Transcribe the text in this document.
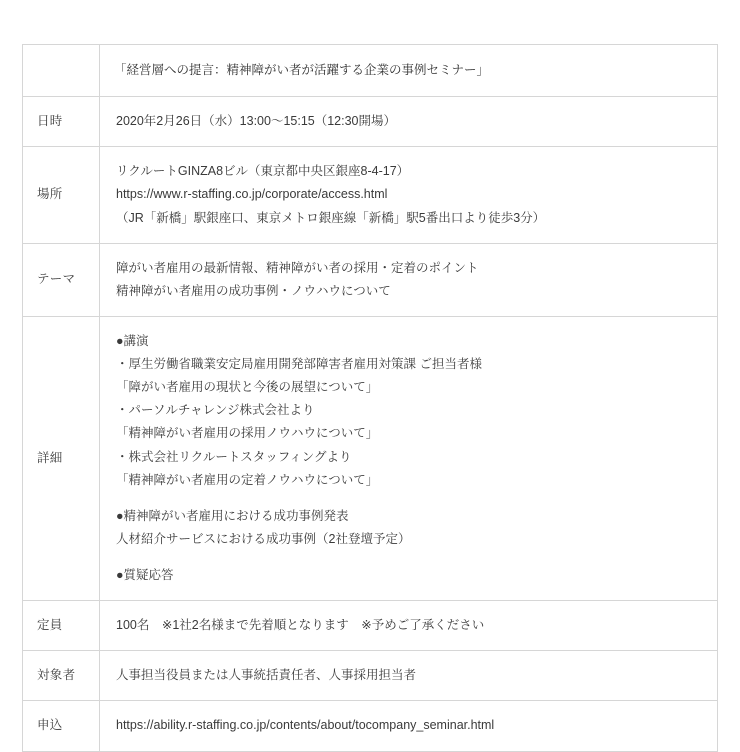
	「経営層への提言：精神障がい者が活躍する企業の事例セミナー」
日時	2020年2月26日（水）13:00〜15:15（12:30開場）

場所	リクルートGINZA8ビル（東京都中央区銀座8-4-17）
https://www.r-staffing.co.jp/corporate/access.html
（JR「新橋」駅銀座口、東京メトロ銀座線「新橋」駅5番出口より徒歩3分）

テーマ	障がい者雇用の最新情報、精神障がい者の採用・定着のポイント
精神障がい者雇用の成功事例・ノウハウについて

詳細	
●講演
・厚生労働省職業安定局雇用開発部障害者雇用対策課 ご担当者様
「障がい者雇用の現状と今後の展望について」
・パーソルチャレンジ株式会社より
「精神障がい者雇用の採用ノウハウについて」
・株式会社リクルートスタッフィングより
「精神障がい者雇用の定着ノウハウについて」
●精神障がい者雇用における成功事例発表
人材紹介サービスにおける成功事例（2社登壇予定）
●質疑応答

定員	100名　※1社2名様まで先着順となります　※予めご了承ください

対象者	人事担当役員または人事統括責任者、人事採用担当者

申込	https://ability.r-staffing.co.jp/contents/about/tocompany_seminar.html
